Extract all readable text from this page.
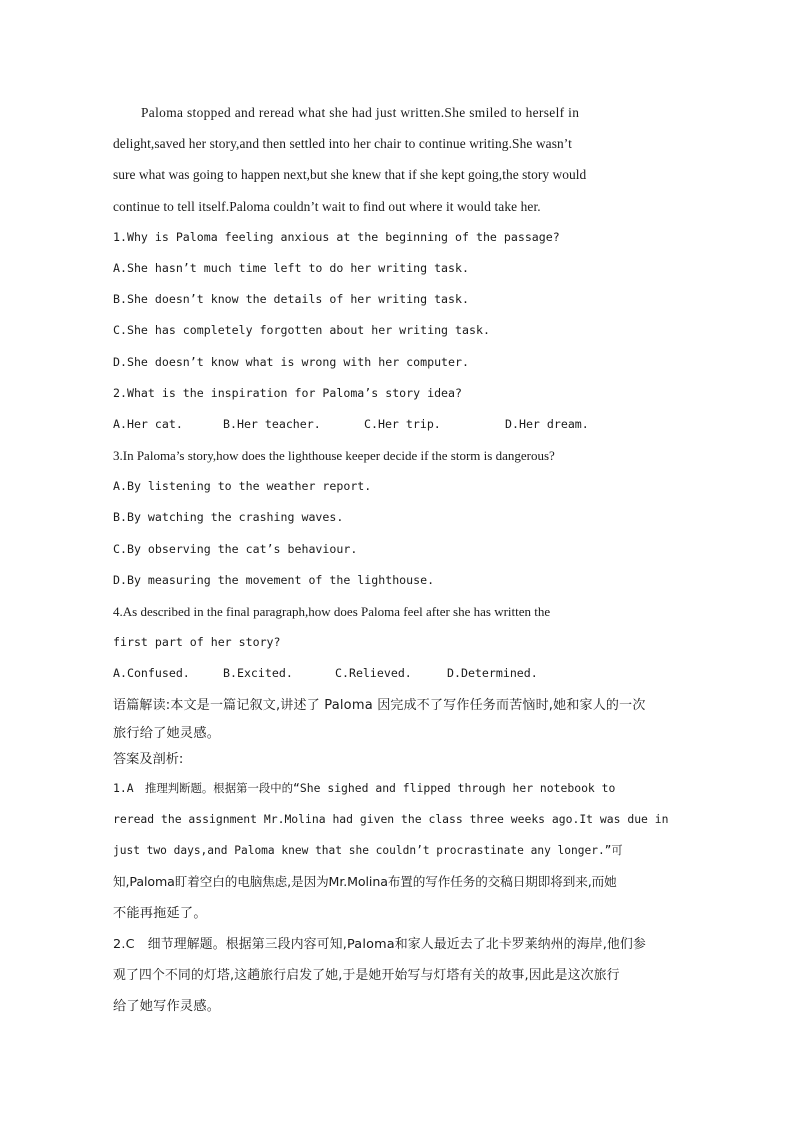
Paloma stopped and reread what she had just written.She smiled to herself in
delight,saved her story,and then settled into her chair to continue writing.She wasn’t
sure what was going to happen next,but she knew that if she kept going,the story would
continue to tell itself.Paloma couldn’t wait to find out where it would take her.
1.Why is Paloma feeling anxious at the beginning of the passage?
A.She hasn’t much time left to do her writing task.
B.She doesn’t know the details of her writing task.
C.She has completely forgotten about her writing task.
D.She doesn’t know what is wrong with her computer.
2.What is the inspiration for Paloma’s story idea?
A.Her cat.	B.Her teacher.	C.Her trip.	D.Her dream.
3.In Paloma’s story,how does the lighthouse keeper decide if the storm is dangerous?
A.By listening to the weather report.
B.By watching the crashing waves.
C.By observing the cat’s behaviour.
D.By measuring the movement of the lighthouse.
4.As described in the final paragraph,how does Paloma feel after she has written the
first part of her story?
A.Confused.	B.Excited.	C.Relieved.	D.Determined.
语篇解读:本文是一篇记叙文,讲述了 Paloma 因完成不了写作任务而苦恼时,她和家人的一次
旅行给了她灵感。
答案及剖析:
1.A　推理判断题。根据第一段中的“She sighed and flipped through her notebook to
reread the assignment Mr.Molina had given the class three weeks ago.It was due in
just two days,and Paloma knew that she couldn’t procrastinate any longer.”可
知,Paloma盯着空白的电脑焦虑,是因为Mr.Molina布置的写作任务的交稿日期即将到来,而她
不能再拖延了。
2.C　细节理解题。根据第三段内容可知,Paloma和家人最近去了北卡罗莱纳州的海岸,他们参
观了四个不同的灯塔,这趟旅行启发了她,于是她开始写与灯塔有关的故事,因此是这次旅行
给了她写作灵感。
